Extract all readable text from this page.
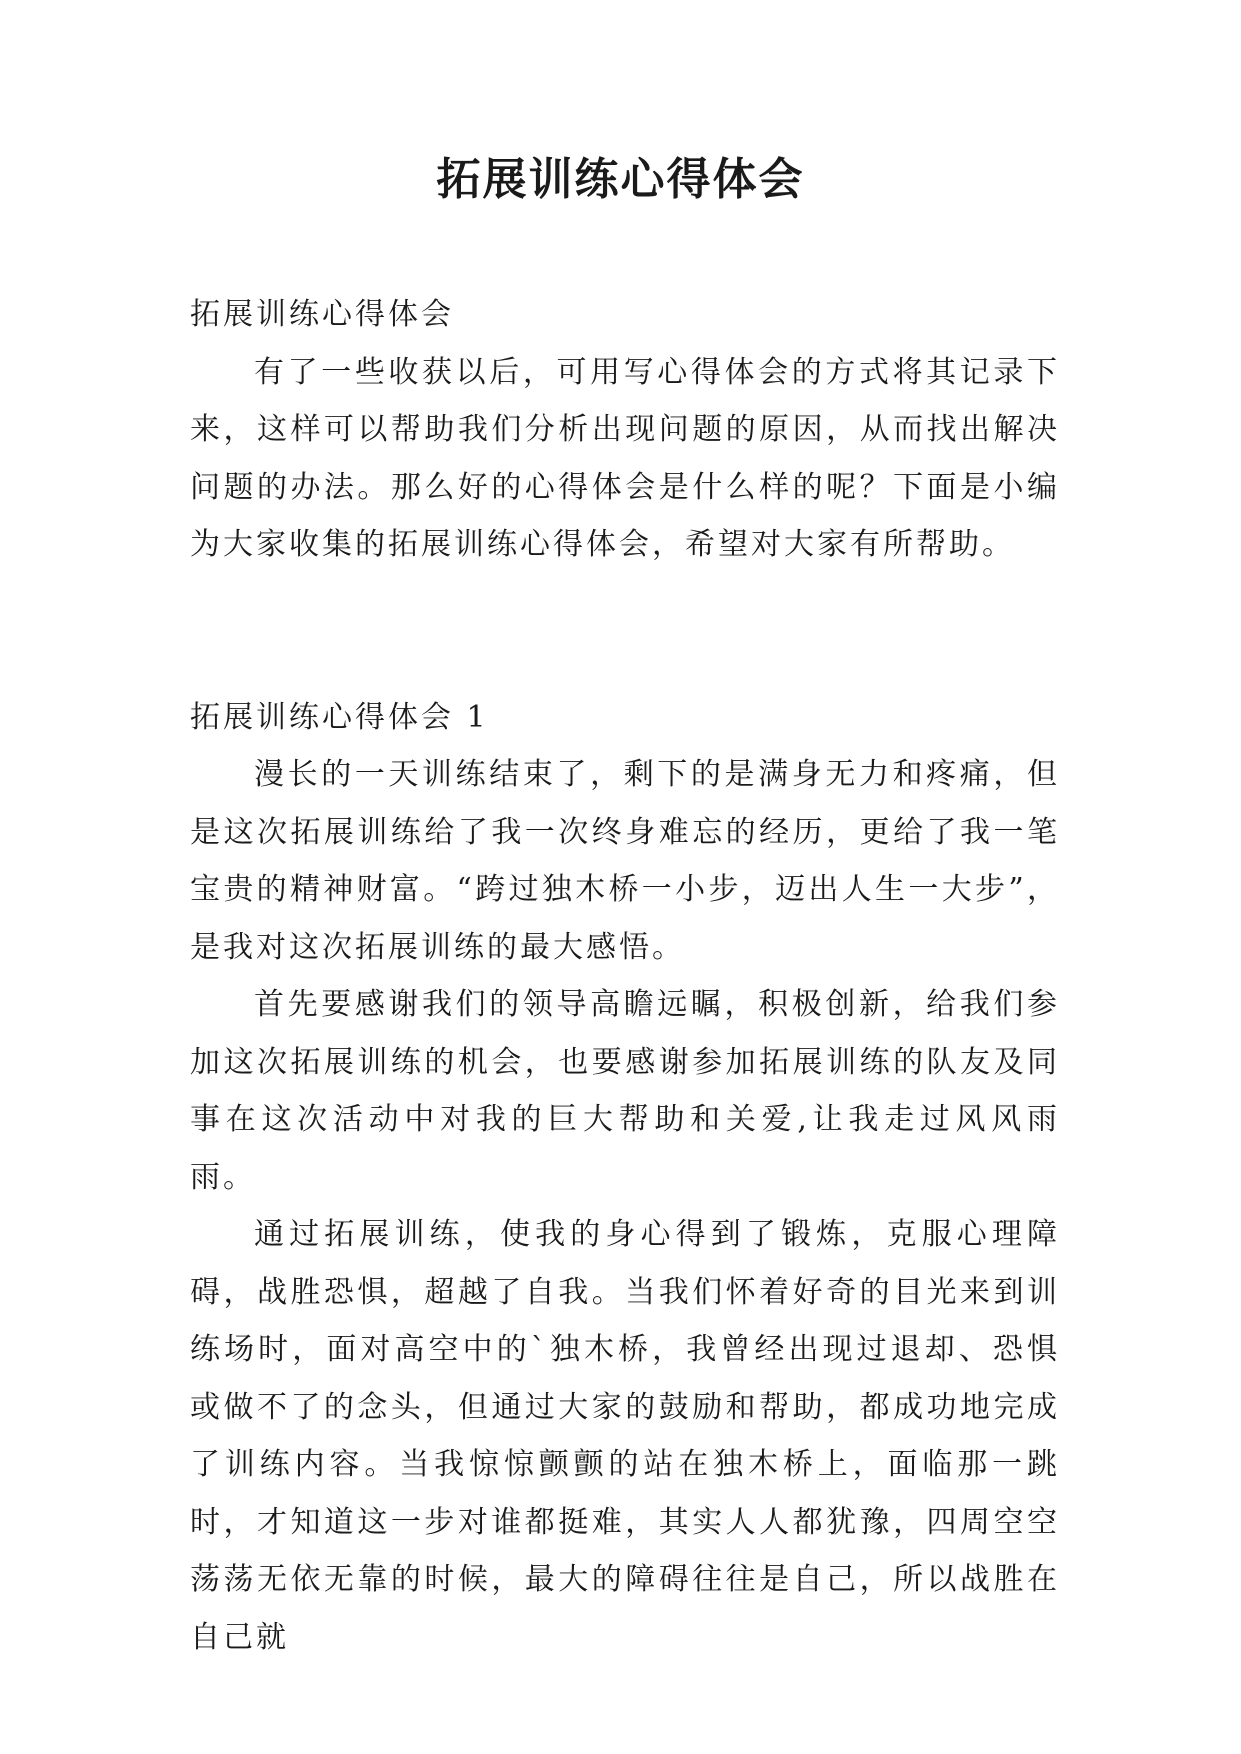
拓展训练心得体会

拓展训练心得体会

有了一些收获以后，可用写心得体会的方式将其记录下来，这样可以帮助我们分析出现问题的原因，从而找出解决问题的办法。那么好的心得体会是什么样的呢？下面是小编为大家收集的拓展训练心得体会，希望对大家有所帮助。

拓展训练心得体会 1

漫长的一天训练结束了，剩下的是满身无力和疼痛，但是这次拓展训练给了我一次终身难忘的经历，更给了我一笔宝贵的精神财富。“跨过独木桥一小步，迈出人生一大步”，是我对这次拓展训练的最大感悟。

首先要感谢我们的领导高瞻远瞩，积极创新，给我们参加这次拓展训练的机会，也要感谢参加拓展训练的队友及同事在这次活动中对我的巨大帮助和关爱,让我走过风风雨雨。

通过拓展训练，使我的身心得到了锻炼，克服心理障碍，战胜恐惧，超越了自我。当我们怀着好奇的目光来到训练场时，面对高空中的`独木桥，我曾经出现过退却、恐惧或做不了的念头，但通过大家的鼓励和帮助，都成功地完成了训练内容。当我惊惊颤颤的站在独木桥上，面临那一跳时，才知道这一步对谁都挺难，其实人人都犹豫，四周空空荡荡无依无靠的时候，最大的障碍往往是自己，所以战胜在自己就
